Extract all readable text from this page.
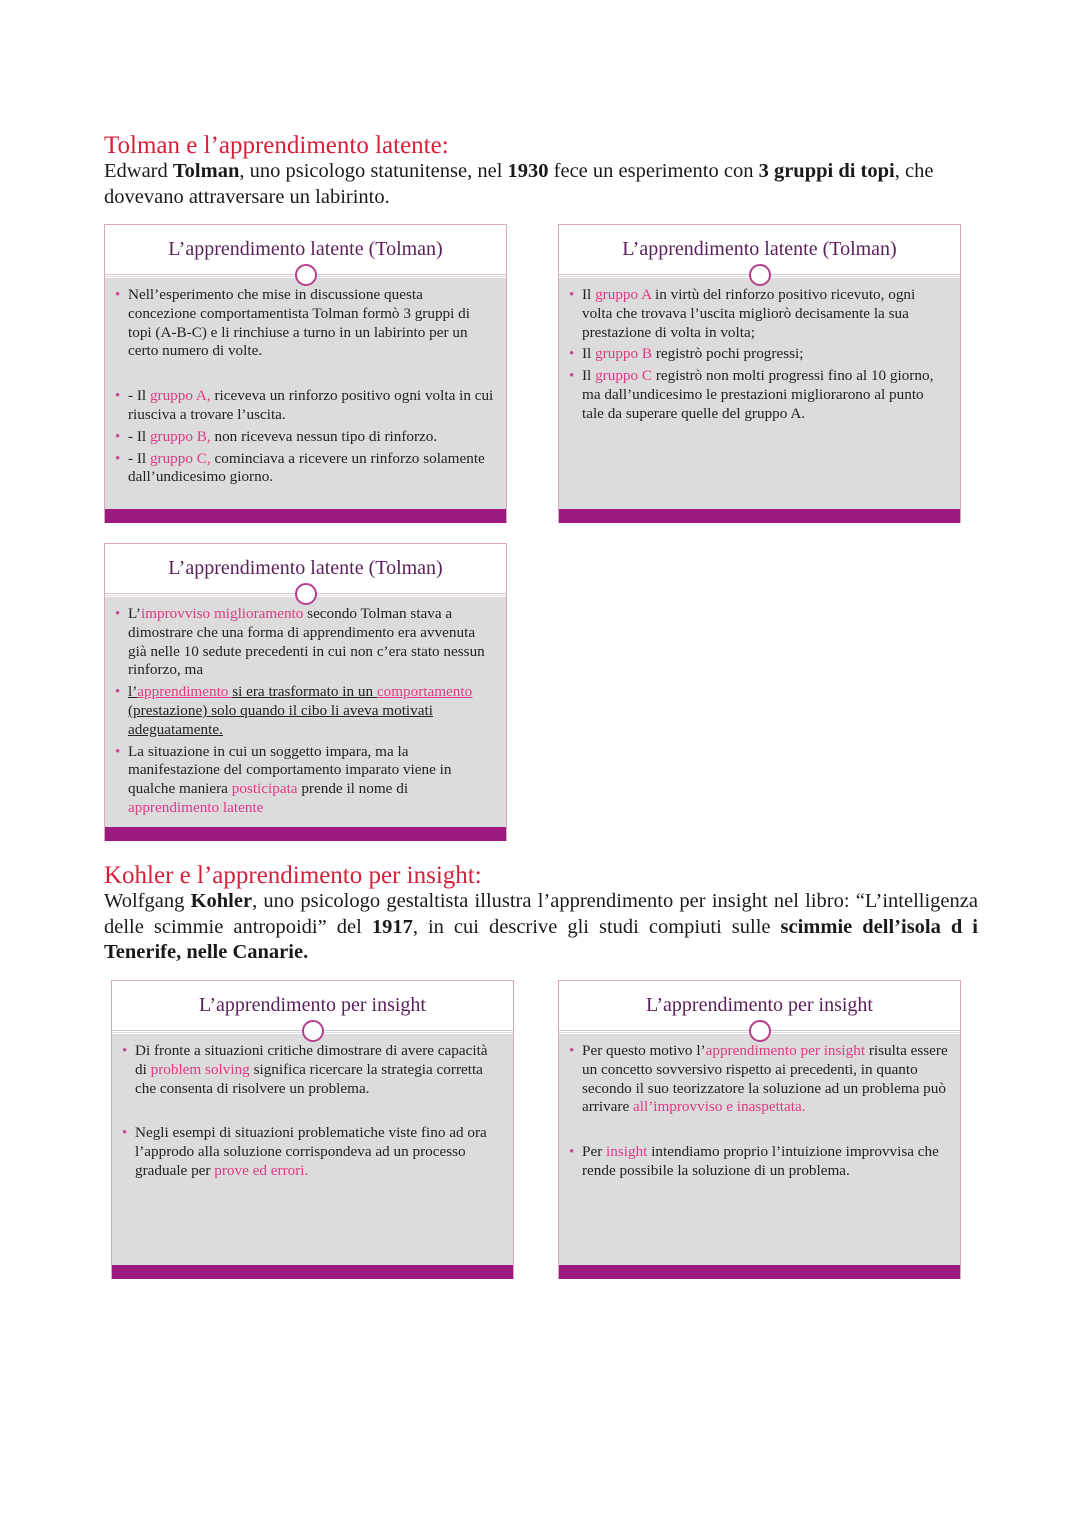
Tolman e l’apprendimento latente:
Edward Tolman, uno psicologo statunitense, nel 1930 fece un esperimento con 3 gruppi di topi, che dovevano attraversare un labirinto.
• Nell’esperimento che mise in discussione questa concezione comportamentista Tolman formò 3 gruppi di topi (A-B-C) e li rinchiuse a turno in un labirinto per un certo numero di volte.
• - Il gruppo A, riceveva un rinforzo positivo ogni volta in cui riusciva a trovare l’uscita.
• - Il gruppo B, non riceveva nessun tipo di rinforzo.
• - Il gruppo C, cominciava a ricevere un rinforzo solamente dall’undicesimo giorno.
L’apprendimento latente (Tolman)
• Il gruppo A in virtù del rinforzo positivo ricevuto, ogni volta che trovava l’uscita migliorò decisamente la sua prestazione di volta in volta;
• Il gruppo B registrò pochi progressi;
• Il gruppo C registrò non molti progressi fino al 10 giorno, ma dall’undicesimo le prestazioni migliorarono al punto tale da superare quelle del gruppo A.
L’apprendimento latente (Tolman)
• L’improvviso miglioramento secondo Tolman stava a dimostrare che una forma di apprendimento era avvenuta già nelle 10 sedute precedenti in cui non c’era stato nessun rinforzo, ma
• l’apprendimento si era trasformato in un comportamento (prestazione) solo quando il cibo li aveva motivati adeguatamente.
• La situazione in cui un soggetto impara, ma la manifestazione del comportamento imparato viene in qualche maniera posticipata prende il nome di apprendimento latente
L’apprendimento latente (Tolman)
Kohler e l’apprendimento per insight:
Wolfgang Kohler, uno psicologo gestaltista illustra l’apprendimento per insight nel libro: “L’intelligenza delle scimmie antropoidi” del 1917, in cui descrive gli studi compiuti sulle scimmie dell’isola d i Tenerife, nelle Canarie.
• Di fronte a situazioni critiche dimostrare di avere capacità di problem solving significa ricercare la strategia corretta che consenta di risolvere un problema.
• Negli esempi di situazioni problematiche viste fino ad ora l’approdo alla soluzione corrispondeva ad un processo graduale per prove ed errori.
L’apprendimento per insight
• Per questo motivo l’apprendimento per insight risulta essere un concetto sovversivo rispetto ai precedenti, in quanto secondo il suo teorizzatore la soluzione ad un problema può arrivare all’improvviso e inaspettata.
• Per insight intendiamo proprio l’intuizione improvvisa che rende possibile la soluzione di un problema.
L’apprendimento per insight
